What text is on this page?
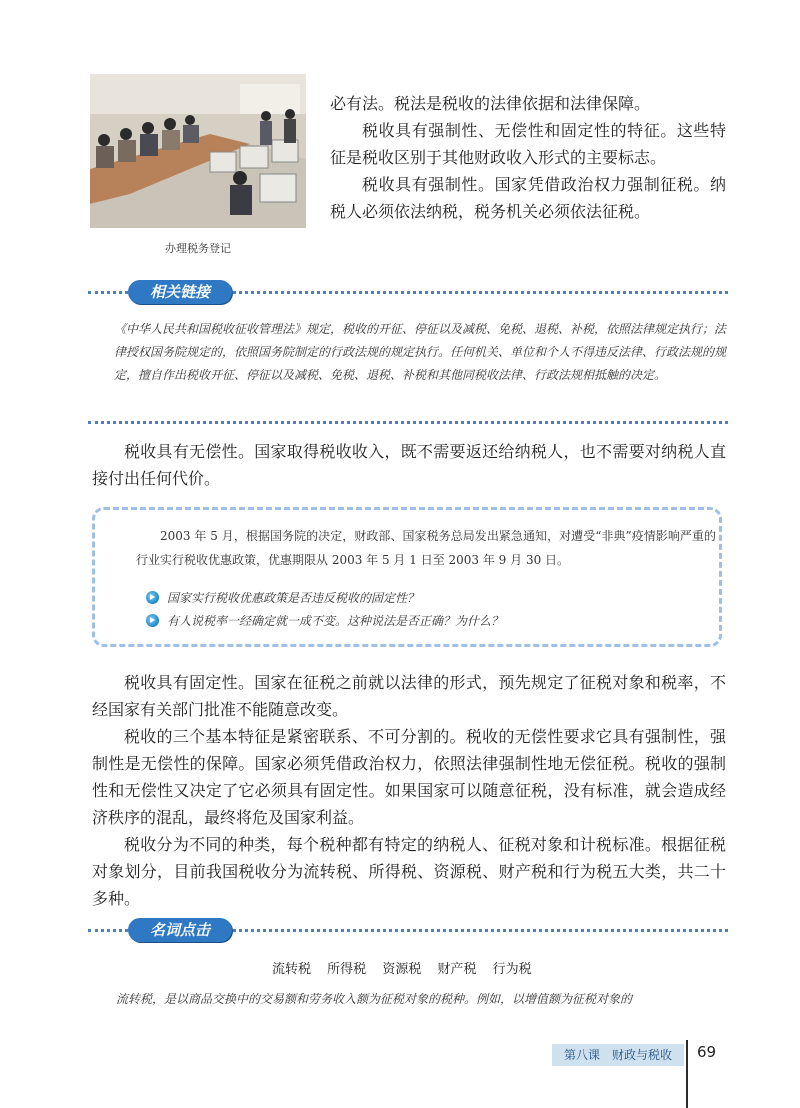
办理税务登记

必有法。税法是税收的法律依据和法律保障。

税收具有强制性、无偿性和固定性的特征。这些特征是税收区别于其他财政收入形式的主要标志。

税收具有强制性。国家凭借政治权力强制征税。纳税人必须依法纳税，税务机关必须依法征税。

相关链接

《中华人民共和国税收征收管理法》规定，税收的开征、停征以及减税、免税、退税、补税，依照法律规定执行；法律授权国务院规定的，依照国务院制定的行政法规的规定执行。任何机关、单位和个人不得违反法律、行政法规的规定，擅自作出税收开征、停征以及减税、免税、退税、补税和其他同税收法律、行政法规相抵触的决定。

税收具有无偿性。国家取得税收收入，既不需要返还给纳税人，也不需要对纳税人直接付出任何代价。

2003 年 5 月，根据国务院的决定，财政部、国家税务总局发出紧急通知，对遭受“非典”疫情影响严重的行业实行税收优惠政策，优惠期限从 2003 年 5 月 1 日至 2003 年 9 月 30 日。

国家实行税收优惠政策是否违反税收的固定性？
有人说税率一经确定就一成不变。这种说法是否正确？为什么？

税收具有固定性。国家在征税之前就以法律的形式，预先规定了征税对象和税率，不经国家有关部门批准不能随意改变。

税收的三个基本特征是紧密联系、不可分割的。税收的无偿性要求它具有强制性，强制性是无偿性的保障。国家必须凭借政治权力，依照法律强制性地无偿征税。税收的强制性和无偿性又决定了它必须具有固定性。如果国家可以随意征税，没有标准，就会造成经济秩序的混乱，最终将危及国家利益。

税收分为不同的种类，每个税种都有特定的纳税人、征税对象和计税标准。根据征税对象划分，目前我国税收分为流转税、所得税、资源税、财产税和行为税五大类，共二十多种。

名词点击
流转税 所得税 资源税 财产税 行为税

流转税，是以商品交换中的交易额和劳务收入额为征税对象的税种。例如，以增值额为征税对象的

第八课　财政与税收	69
